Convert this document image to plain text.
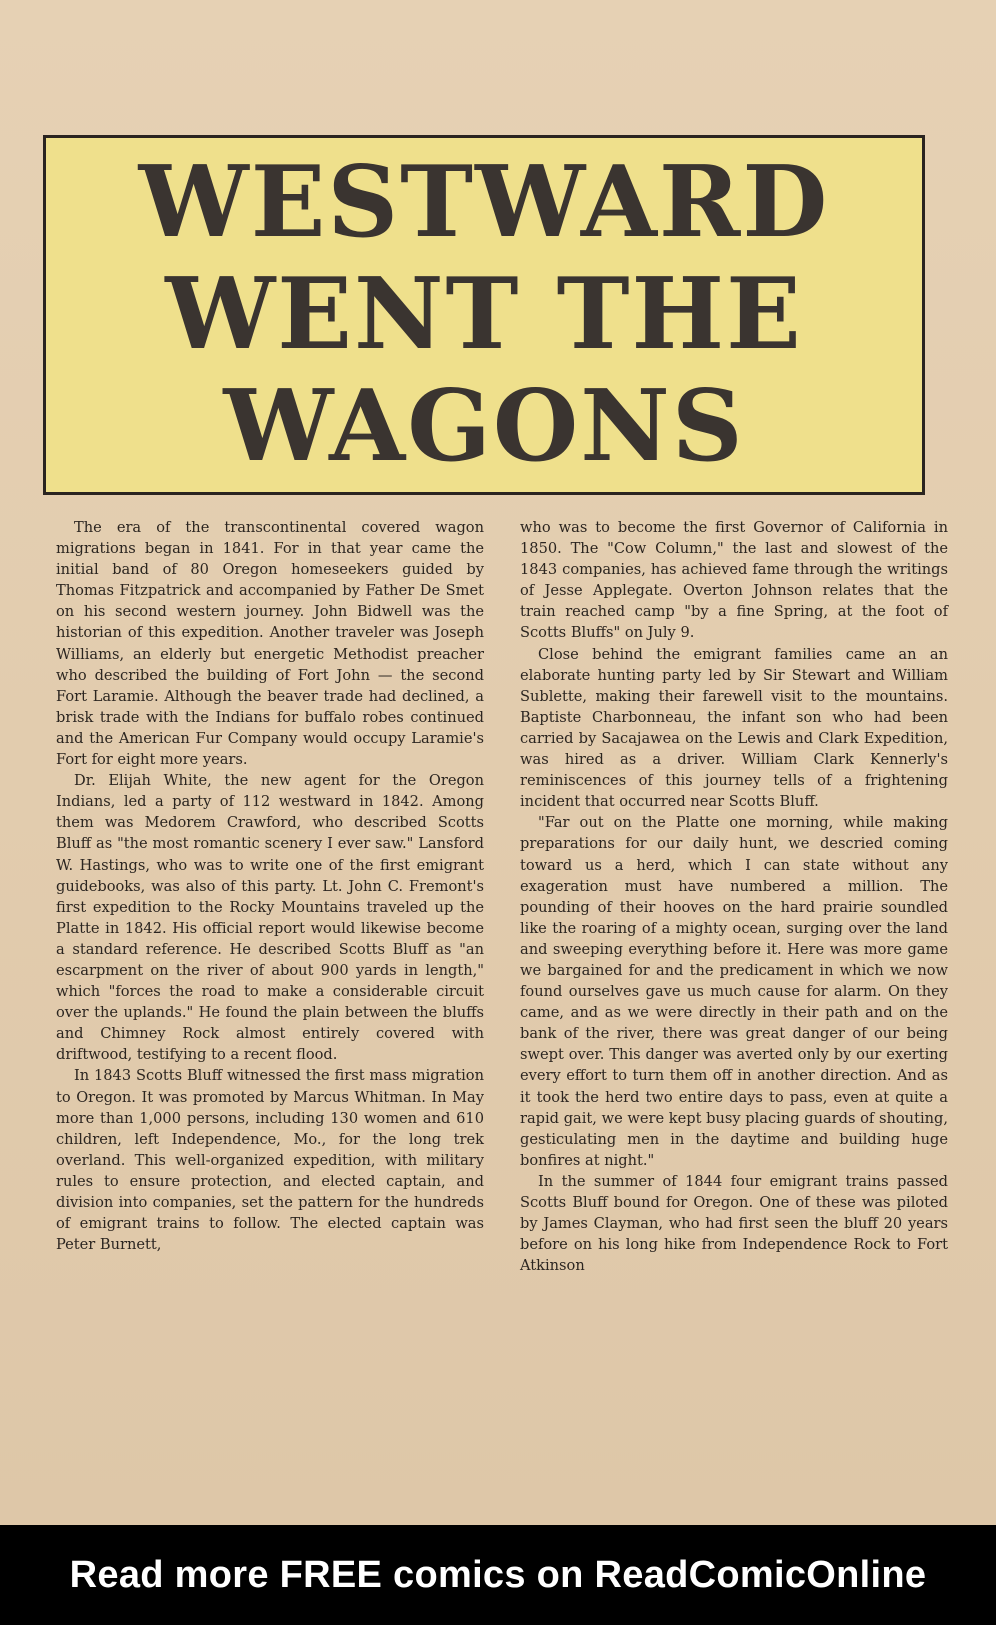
WESTWARD
WENT THE
WAGONS

The era of the transcontinental covered wagon migrations began in 1841. For in that year came the initial band of 80 Oregon homeseekers guided by Thomas Fitzpatrick and accompanied by Father De Smet on his second western journey. John Bidwell was the historian of this expedition. Another traveler was Joseph Williams, an elderly but energetic Methodist preacher who described the building of Fort John — the second Fort Laramie. Although the beaver trade had declined, a brisk trade with the Indians for buffalo robes continued and the American Fur Company would occupy Laramie's Fort for eight more years.

Dr. Elijah White, the new agent for the Oregon Indians, led a party of 112 westward in 1842. Among them was Medorem Crawford, who described Scotts Bluff as "the most romantic scenery I ever saw." Lansford W. Hastings, who was to write one of the first emigrant guidebooks, was also of this party. Lt. John C. Fremont's first expedition to the Rocky Mountains traveled up the Platte in 1842. His official report would likewise become a standard reference. He described Scotts Bluff as "an escarpment on the river of about 900 yards in length," which "forces the road to make a considerable circuit over the uplands." He found the plain between the bluffs and Chimney Rock almost entirely covered with driftwood, testifying to a recent flood.

In 1843 Scotts Bluff witnessed the first mass migration to Oregon. It was promoted by Marcus Whitman. In May more than 1,000 persons, including 130 women and 610 children, left Independence, Mo., for the long trek overland. This well-organized expedition, with military rules to ensure protection, and elected captain, and division into companies, set the pattern for the hundreds of emigrant trains to follow. The elected captain was Peter Burnett,

who was to become the first Governor of California in 1850. The "Cow Column," the last and slowest of the 1843 companies, has achieved fame through the writings of Jesse Applegate. Overton Johnson relates that the train reached camp "by a fine Spring, at the foot of Scotts Bluffs" on July 9.

Close behind the emigrant families came an an elaborate hunting party led by Sir Stewart and William Sublette, making their farewell visit to the mountains. Baptiste Charbonneau, the infant son who had been carried by Sacajawea on the Lewis and Clark Expedition, was hired as a driver. William Clark Kennerly's reminiscences of this journey tells of a frightening incident that occurred near Scotts Bluff.

"Far out on the Platte one morning, while making preparations for our daily hunt, we descried coming toward us a herd, which I can state without any exageration must have numbered a million. The pounding of their hooves on the hard prairie soundled like the roaring of a mighty ocean, surging over the land and sweeping everything before it. Here was more game we bargained for and the predicament in which we now found ourselves gave us much cause for alarm. On they came, and as we were directly in their path and on the bank of the river, there was great danger of our being swept over. This danger was averted only by our exerting every effort to turn them off in another direction. And as it took the herd two entire days to pass, even at quite a rapid gait, we were kept busy placing guards of shouting, gesticulating men in the daytime and building huge bonfires at night."

In the summer of 1844 four emigrant trains passed Scotts Bluff bound for Oregon. One of these was piloted by James Clayman, who had first seen the bluff 20 years before on his long hike from Independence Rock to Fort Atkinson

Read more FREE comics on ReadComicOnline
